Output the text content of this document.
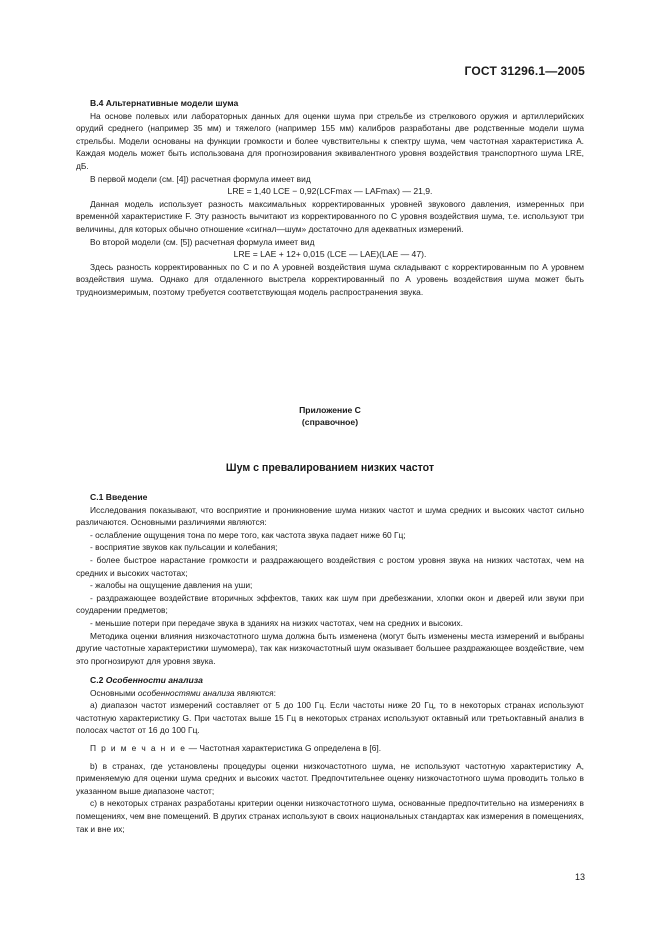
ГОСТ 31296.1—2005

В.4 Альтернативные модели шума

На основе полевых или лабораторных данных для оценки шума при стрельбе из стрелкового оружия и артиллерийских орудий среднего (например 35 мм) и тяжелого (например 155 мм) калибров разработаны две родственные модели шума стрельбы. Модели основаны на функции громкости и более чувствительны к спектру шума, чем частотная характеристика А. Каждая модель может быть использована для прогнозирования эквивалентного уровня воздействия транспортного шума LRE, дБ.

В первой модели (см. [4]) расчетная формула имеет вид

LRE = 1,40 LCE − 0,92(LCFmax — LAFmax) — 21,9.

Данная модель использует разность максимальных корректированных уровней звукового давления, измеренных при временнóй характеристике F. Эту разность вычитают из корректированного по С уровня воздействия шума, т.е. используют три величины, для которых обычно отношение «сигнал—шум» достаточно для адекватных измерений.

Во второй модели (см. [5]) расчетная формула имеет вид

LRE = LAE + 12+ 0,015 (LCE — LAE)(LAE — 47).

Здесь разность корректированных по С и по А уровней воздействия шума складывают с корректированным по А уровнем воздействия шума. Однако для отдаленного выстрела корректированный по А уровень воздействия шума может быть трудноизмеримым, поэтому требуется соответствующая модель распространения звука.

Приложение С

(справочное)

Шум с превалированием низких частот

С.1 Введение

Исследования показывают, что восприятие и проникновение шума низких частот и шума средних и высоких частот сильно различаются. Основными различиями являются:

- ослабление ощущения тона по мере того, как частота звука падает ниже 60 Гц;

- восприятие звуков как пульсации и колебания;

- более быстрое нарастание громкости и раздражающего воздействия с ростом уровня звука на низких частотах, чем на средних и высоких частотах;

- жалобы на ощущение давления на уши;

- раздражающее воздействие вторичных эффектов, таких как шум при дребезжании, хлопки окон и дверей или звуки при соударении предметов;

- меньшие потери при передаче звука в зданиях на низких частотах, чем на средних и высоких.

Методика оценки влияния низкочастотного шума должна быть изменена (могут быть изменены места измерений и выбраны другие частотные характеристики шумомера), так как низкочастотный шум оказывает большее раздражающее воздействие, чем это прогнозируют для уровня звука.

С.2 Особенности анализа

Основными особенностями анализа являются:

а) диапазон частот измерений составляет от 5 до 100 Гц. Если частоты ниже 20 Гц, то в некоторых странах используют частотную характеристику G. При частотах выше 15 Гц в некоторых странах используют октавный или третьоктавный анализ в полосах частот от 16 до 100 Гц.

П р и м е ч а н и е — Частотная характеристика G определена в [6].

b) в странах, где установлены процедуры оценки низкочастотного шума, не используют частотную характеристику А, применяемую для оценки шума средних и высоких частот. Предпочтительнее оценку низкочастотного шума проводить только в указанном выше диапазоне частот;

с) в некоторых странах разработаны критерии оценки низкочастотного шума, основанные предпочтительно на измерениях в помещениях, чем вне помещений. В других странах используют в своих национальных стандартах как измерения в помещениях, так и вне их;

13
